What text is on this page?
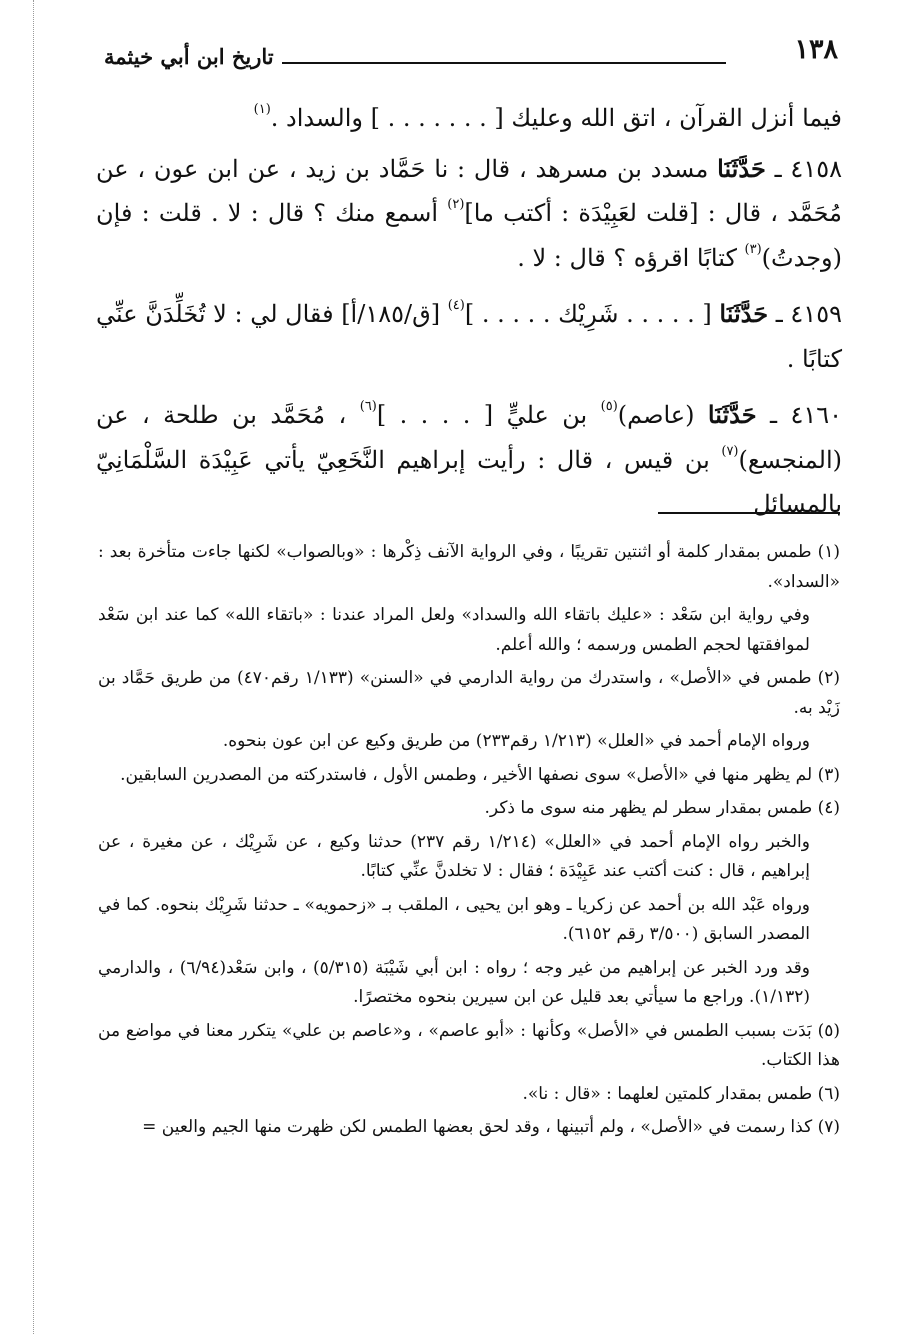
١٣٨
تاريخ ابن أبي خيثمة

فيما أنزل القرآن ، اتق الله وعليك [ . . . . . . . ] والسداد .$^{(١)}$

٤١٥٨ ـ حَدَّثَنَا مسدد بن مسرهد ، قال : نا حَمَّاد بن زيد ، عن ابن عون ، عن مُحَمَّد ، قال : [قلت لعَبِيْدَة : أكتب ما]$^{(٢)}$ أسمع منك ؟ قال : لا . قلت : فإن (وجدتُ)$^{(٣)}$ كتابًا اقرؤه ؟ قال : لا .

٤١٥٩ ـ حَدَّثَنَا [ . . . . . شَرِيْك . . . . . ]$^{(٤)}$ [ق/١٨٥/أ] فقال لي : لا تُخَلِّدَنَّ عنِّي كتابًا .

٤١٦٠ ـ حَدَّثَنَا (عاصم)$^{(٥)}$ بن عليٍّ [ . . . . ]$^{(٦)}$ ، مُحَمَّد بن طلحة ، عن (المنجسع)$^{(٧)}$ بن قيس ، قال : رأيت إبراهيم النَّخَعِيّ يأتي عَبِيْدَة السَّلْمَانِيّ بالمسائل

(١) طمس بمقدار كلمة أو اثنتين تقريبًا ، وفي الرواية الآنف ذِكْرها : «وبالصواب» لكنها جاءت متأخرة بعد : «السداد».

وفي رواية ابن سَعْد : «عليك باتقاء الله والسداد» ولعل المراد عندنا : «باتقاء الله» كما عند ابن سَعْد لموافقتها لحجم الطمس ورسمه ؛ والله أعلم.

(٢) طمس في «الأصل» ، واستدرك من رواية الدارمي في «السنن» (١/١٣٣ رقم٤٧٠) من طريق حَمَّاد بن زَيْد به.

ورواه الإمام أحمد في «العلل» (١/٢١٣ رقم٢٣٣) من طريق وكيع عن ابن عون بنحوه.

(٣) لم يظهر منها في «الأصل» سوى نصفها الأخير ، وطمس الأول ، فاستدركته من المصدرين السابقين.

(٤) طمس بمقدار سطر لم يظهر منه سوى ما ذكر.

والخبر رواه الإمام أحمد في «العلل» (١/٢١٤ رقم ٢٣٧) حدثنا وكيع ، عن شَرِيْك ، عن مغيرة ، عن إبراهيم ، قال : كنت أكتب عند عَبِيْدَة ؛ فقال : لا تخلدنَّ عنِّي كتابًا.

ورواه عَبْد الله بن أحمد عن زكريا ـ وهو ابن يحيى ، الملقب بـ «زحمويه» ـ حدثنا شَرِيْك بنحوه. كما في المصدر السابق (٣/٥٠٠ رقم ٦١٥٢).

وقد ورد الخبر عن إبراهيم من غير وجه ؛ رواه : ابن أبي شَيْبَة (٥/٣١٥) ، وابن سَعْد(٦/٩٤) ، والدارمي (١/١٣٢). وراجع ما سيأتي بعد قليل عن ابن سيرين بنحوه مختصرًا.

(٥) بَدَت بسبب الطمس في «الأصل» وكأنها : «أبو عاصم» ، و«عاصم بن علي» يتكرر معنا في مواضع من هذا الكتاب.

(٦) طمس بمقدار كلمتين لعلهما : «قال : نا».

(٧) كذا رسمت في «الأصل» ، ولم أتبينها ، وقد لحق بعضها الطمس لكن ظهرت منها الجيم والعين =
